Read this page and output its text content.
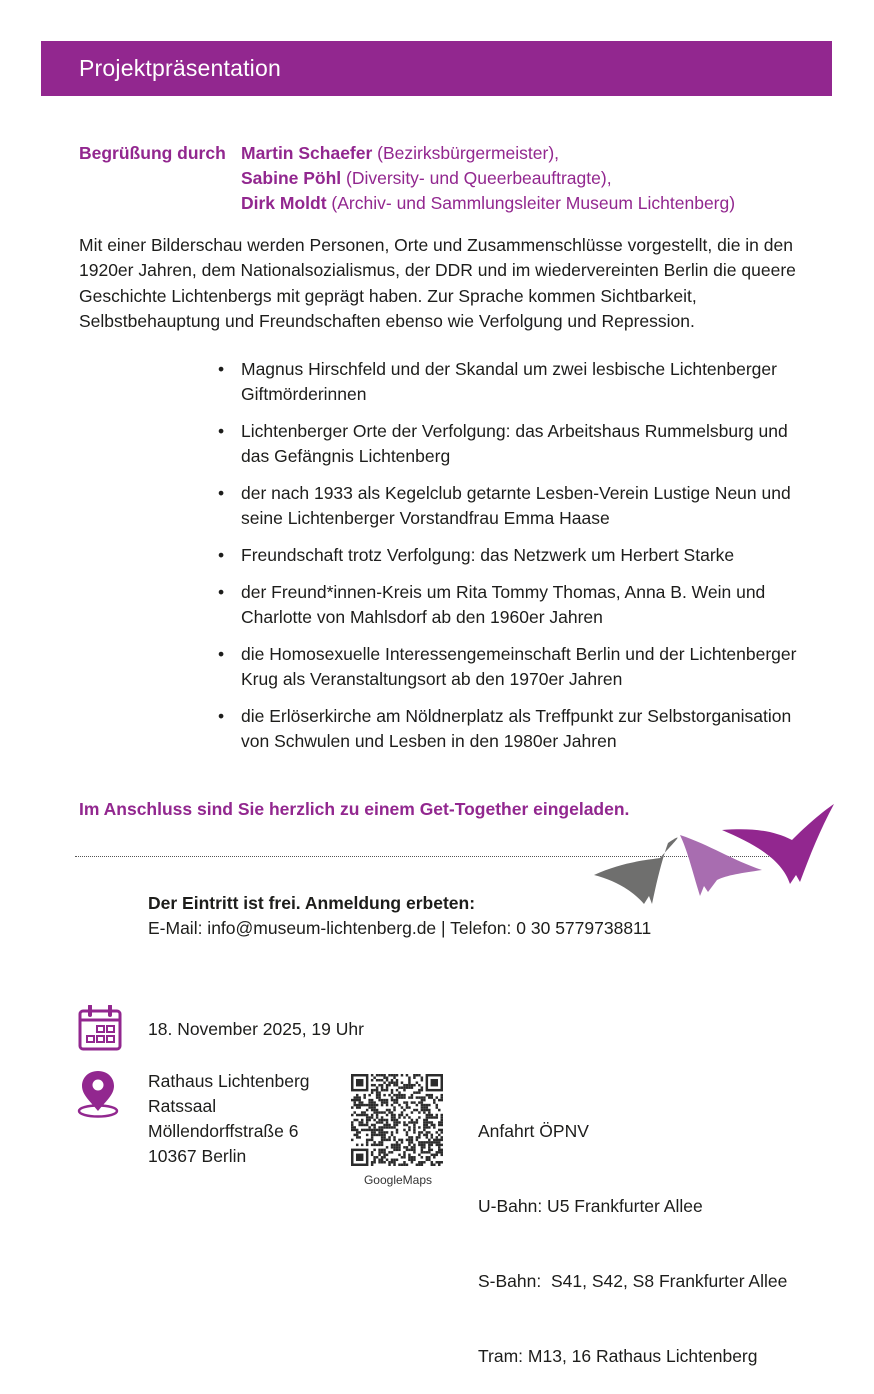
Projektpräsentation
Begrüßung durch Martin Schaefer (Bezirksbürgermeister),
Sabine Pöhl (Diversity- und Queerbeauftragte),
Dirk Moldt (Archiv- und Sammlungsleiter Museum Lichtenberg)
Mit einer Bilderschau werden Personen, Orte und Zusammenschlüsse vorgestellt, die in den 1920er Jahren, dem Nationalsozialismus, der DDR und im wiedervereinten Berlin die queere Geschichte Lichtenbergs mit geprägt haben. Zur Sprache kommen Sichtbarkeit, Selbstbehauptung und Freundschaften ebenso wie Verfolgung und Repression.
• Magnus Hirschfeld und der Skandal um zwei lesbische Lichtenberger Giftmörderinnen
• Lichtenberger Orte der Verfolgung: das Arbeitshaus Rummelsburg und das Gefängnis Lichtenberg
• der nach 1933 als Kegelclub getarnte Lesben-Verein Lustige Neun und seine Lichtenberger Vorstandfrau Emma Haase
• Freundschaft trotz Verfolgung: das Netzwerk um Herbert Starke
• der Freund*innen-Kreis um Rita Tommy Thomas, Anna B. Wein und Charlotte von Mahlsdorf ab den 1960er Jahren
• die Homosexuelle Interessengemeinschaft Berlin und der Lichtenberger Krug als Veranstaltungsort ab den 1970er Jahren
• die Erlöserkirche am Nöldnerplatz als Treffpunkt zur Selbstorganisation von Schwulen und Lesben in den 1980er Jahren
Im Anschluss sind Sie herzlich zu einem Get-Together eingeladen.
Der Eintritt ist frei. Anmeldung erbeten:
E-Mail: info@museum-lichtenberg.de | Telefon: 0 30 5779738811
18. November 2025, 19 Uhr
Rathaus Lichtenberg
Ratssaal
Möllendorffstraße 6
10367 Berlin
GoogleMaps

Anfahrt ÖPNV

U-Bahn: U5 Frankfurter Allee

S-Bahn:  S41, S42, S8 Frankfurter Allee

Tram: M13, 16 Rathaus Lichtenberg
